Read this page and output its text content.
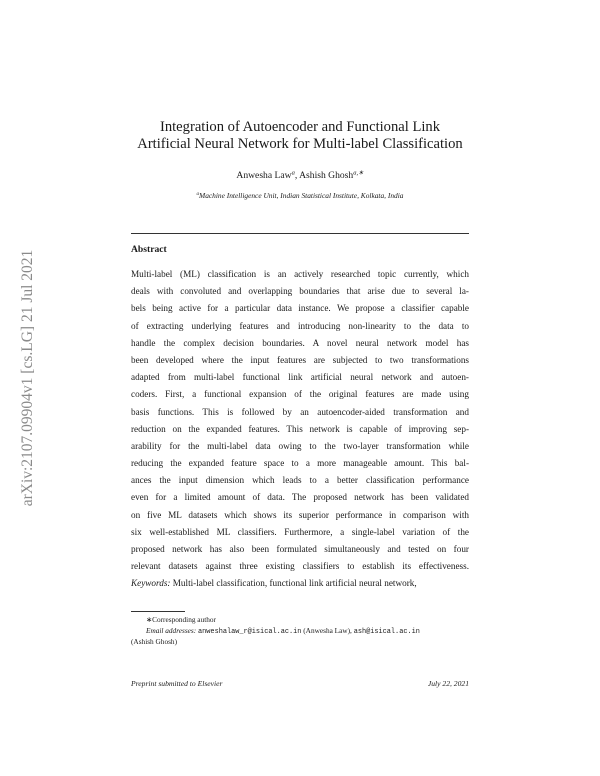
arXiv:2107.09904v1 [cs.LG] 21 Jul 2021
Integration of Autoencoder and Functional Link
Artificial Neural Network for Multi-label Classification
Anwesha Law$^a$, Ashish Ghosh$^{a,∗}$
$^a$Machine Intelligence Unit, Indian Statistical Institute, Kolkata, India
Abstract
Multi-label (ML) classification is an actively researched topic currently, which
deals with convoluted and overlapping boundaries that arise due to several la-
bels being active for a particular data instance. We propose a classifier capable
of extracting underlying features and introducing non-linearity to the data to
handle the complex decision boundaries. A novel neural network model has
been developed where the input features are subjected to two transformations
adapted from multi-label functional link artificial neural network and autoen-
coders. First, a functional expansion of the original features are made using
basis functions. This is followed by an autoencoder-aided transformation and
reduction on the expanded features. This network is capable of improving sep-
arability for the multi-label data owing to the two-layer transformation while
reducing the expanded feature space to a more manageable amount. This bal-
ances the input dimension which leads to a better classification performance
even for a limited amount of data. The proposed network has been validated
on five ML datasets which shows its superior performance in comparison with
six well-established ML classifiers. Furthermore, a single-label variation of the
proposed network has also been formulated simultaneously and tested on four
relevant datasets against three existing classifiers to establish its effectiveness.
Keywords: Multi-label classification, functional link artificial neural network,
∗Corresponding author
Email addresses: anweshalaw_r@isical.ac.in (Anwesha Law), ash@isical.ac.in
(Ashish Ghosh)
Preprint submitted to Elsevier	July 22, 2021
